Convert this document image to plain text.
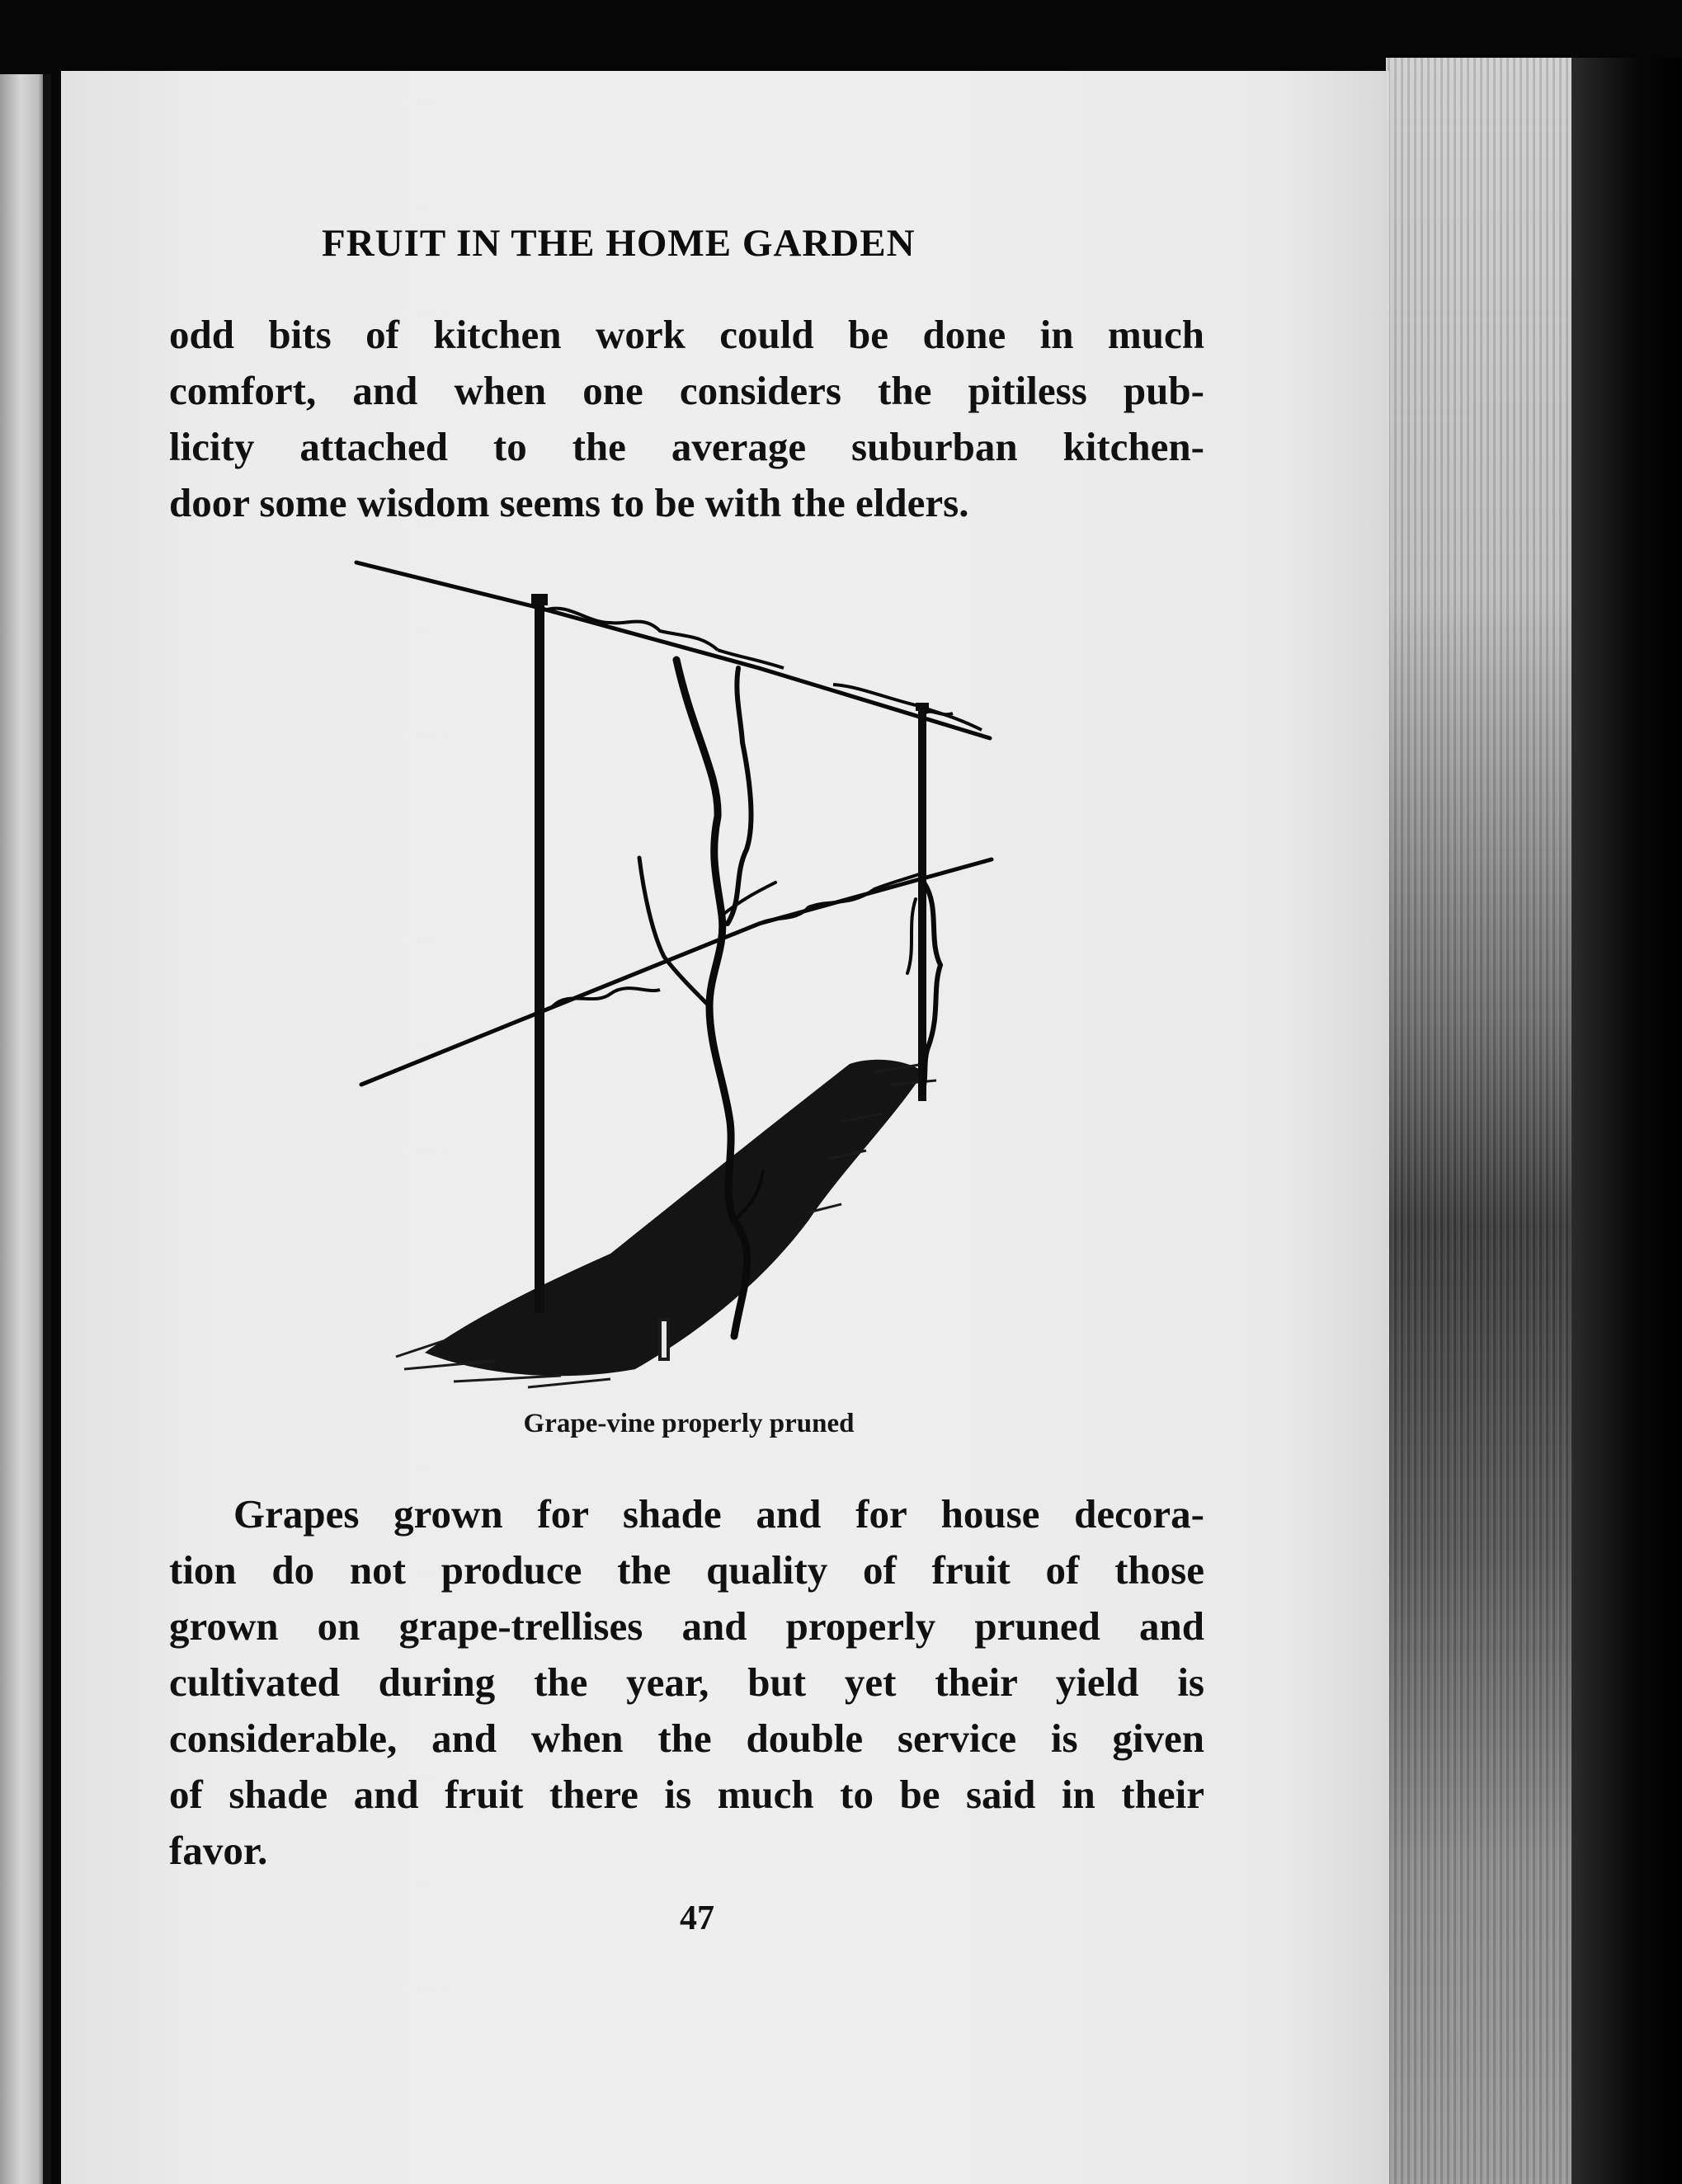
FRUIT IN THE HOME GARDEN
odd bits of kitchen work could be done in much
comfort, and when one considers the pitiless pub-
licity attached to the average suburban kitchen-
door some wisdom seems to be with the elders.
Grape-vine properly pruned
Grapes grown for shade and for house decora-
tion do not produce the quality of fruit of those
grown on grape-trellises and properly pruned and
cultivated during the year, but yet their yield is
considerable, and when the double service is given
of shade and fruit there is much to be said in their
favor.
47
